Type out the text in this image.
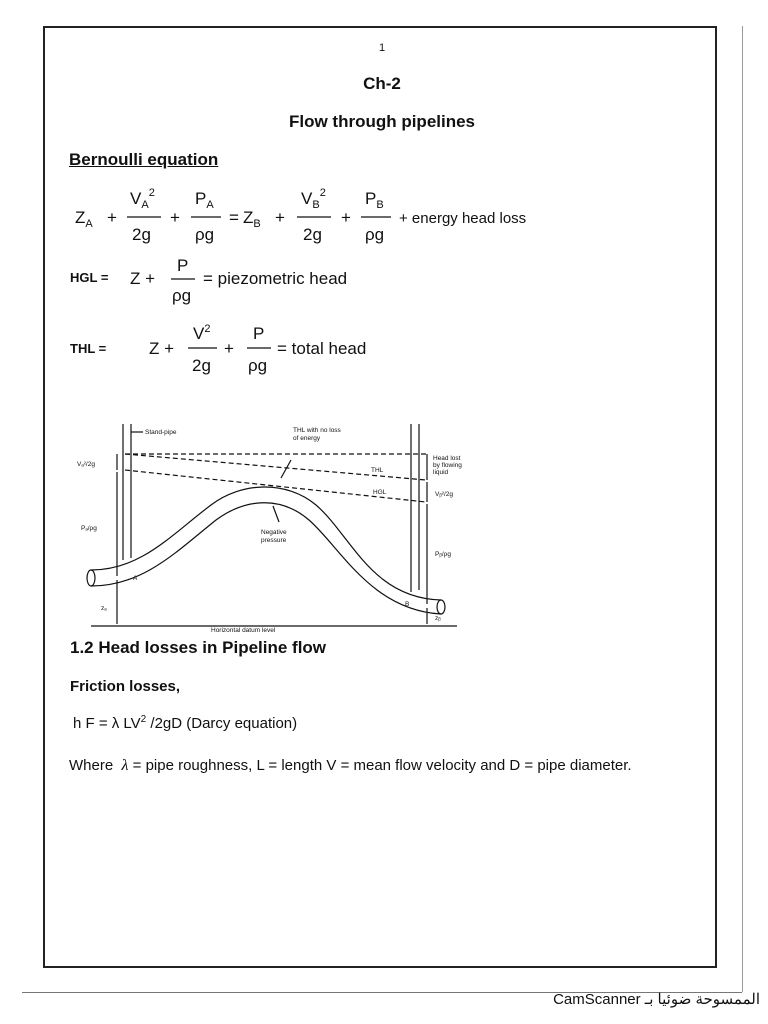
1
Ch-2
Flow through pipelines
Bernoulli equation
$Z_A$ +
$V_A^2$
2g
+
$P_A$
ρg
= $Z_B$ +
$V_B^2$
2g
+
$P_B$
ρg
+ energy head loss
HGL = Z +
P
ρg
= piezometric head
THL =	Z +
$V^2$
2g
+
P
ρg
= total head
Stand-pipe	THL with no loss
of energy
THL
HGL
Negative
pressure
Head lost
by flowing
liquid
Vᵦ²/2g
Pᵦ/ρg
zᵦ
Vₐ²/2g
Pₐ/ρg
zₐ
A
B
Horizontal datum level
1.2 Head losses in Pipeline flow
Friction losses,
h F = λ $LV^2$ /2gD (Darcy equation)
Where λ = pipe roughness, L = length V = mean flow velocity and D = pipe diameter.
الممسوحة ضوئيا بـ CamScanner
